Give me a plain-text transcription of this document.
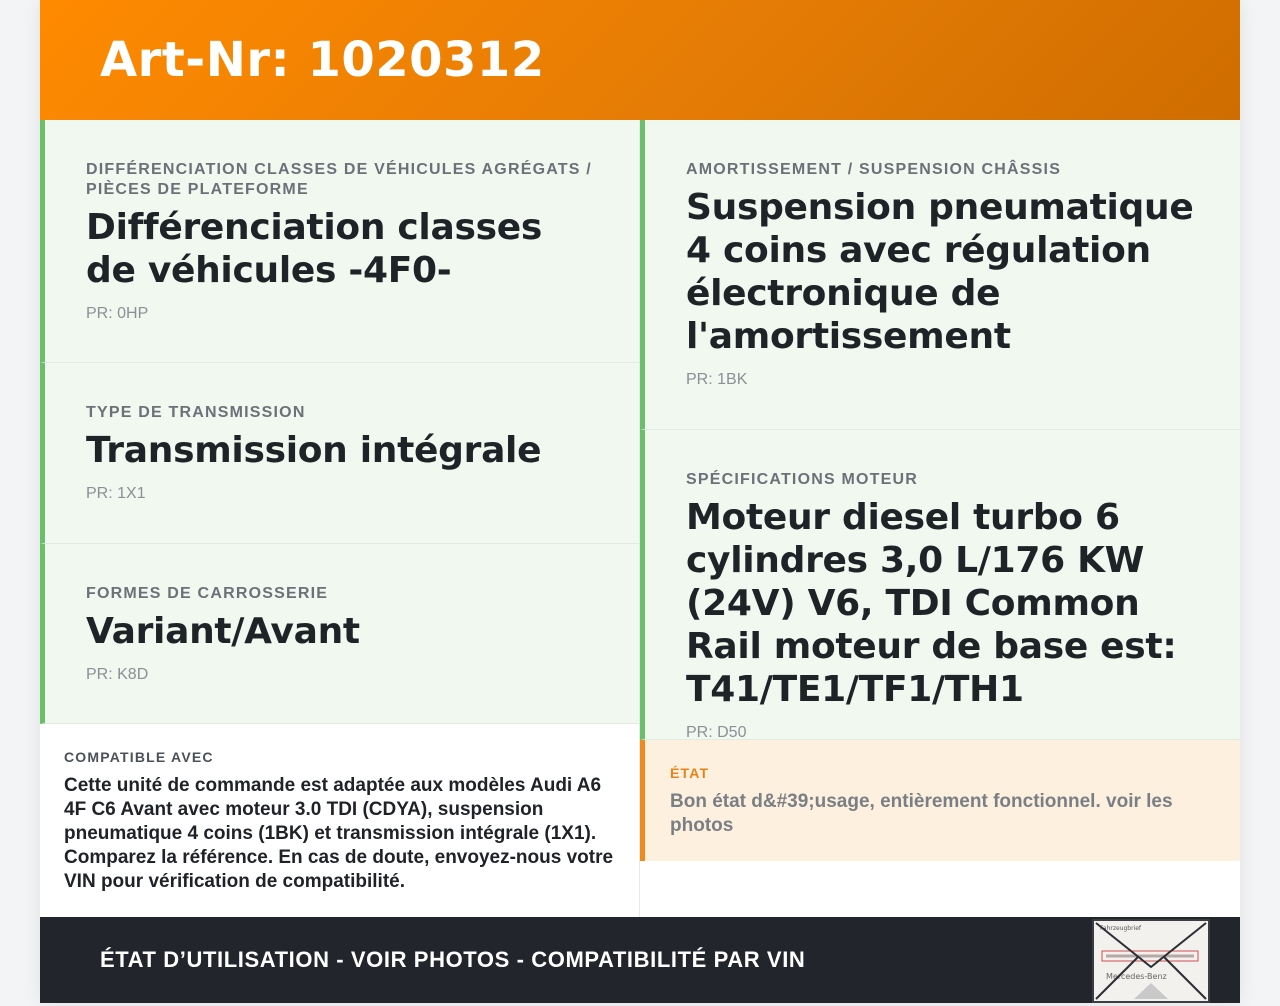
Art-Nr: 1020312
DIFFÉRENCIATION CLASSES DE VÉHICULES AGRÉGATS / PIÈCES DE PLATEFORME
Différenciation classes de véhicules -4F0-
PR: 0HP
TYPE DE TRANSMISSION
Transmission intégrale
PR: 1X1
FORMES DE CARROSSERIE
Variant/Avant
PR: K8D
COMPATIBLE AVEC
Cette unité de commande est adaptée aux modèles Audi A6 4F C6 Avant avec moteur 3.0 TDI (CDYA), suspension pneumatique 4 coins (1BK) et transmission intégrale (1X1). Comparez la référence. En cas de doute, envoyez-nous votre VIN pour vérification de compatibilité.
AMORTISSEMENT / SUSPENSION CHÂSSIS
Suspension pneumatique 4 coins avec régulation électronique de l'amortissement
PR: 1BK
SPÉCIFICATIONS MOTEUR
Moteur diesel turbo 6 cylindres 3,0 L/176 KW (24V) V6, TDI Common Rail moteur de base est: T41/TE1/TF1/TH1
PR: D50
ÉTAT
Bon état d&#39;usage, entièrement fonctionnel. voir les photos
ÉTAT D’UTILISATION - VOIR PHOTOS - COMPATIBILITÉ PAR VIN
Fahrzeugbrief
Mercedes-Benz
